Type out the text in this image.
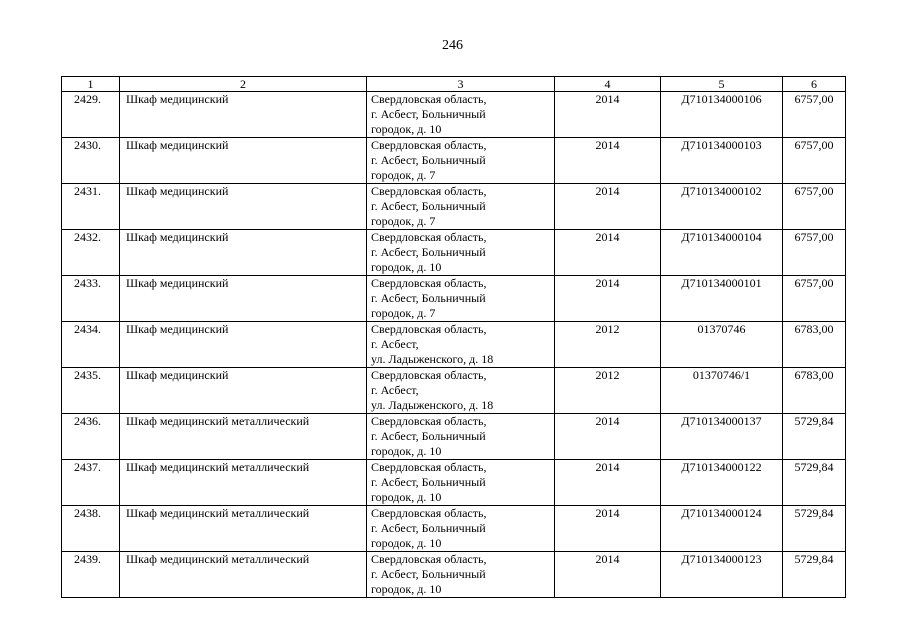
246
1	2	3	4	5	6
2429.	Шкаф медицинский	Свердловская область,
г. Асбест, Больничный
городок, д. 10	2014	Д710134000106	6757,00
2430.	Шкаф медицинский	Свердловская область,
г. Асбест, Больничный
городок, д. 7	2014	Д710134000103	6757,00
2431.	Шкаф медицинский	Свердловская область,
г. Асбест, Больничный
городок, д. 7	2014	Д710134000102	6757,00
2432.	Шкаф медицинский	Свердловская область,
г. Асбест, Больничный
городок, д. 10	2014	Д710134000104	6757,00
2433.	Шкаф медицинский	Свердловская область,
г. Асбест, Больничный
городок, д. 7	2014	Д710134000101	6757,00
2434.	Шкаф медицинский	Свердловская область,
г. Асбест,
ул. Ладыженского, д. 18	2012	01370746	6783,00
2435.	Шкаф медицинский	Свердловская область,
г. Асбест,
ул. Ладыженского, д. 18	2012	01370746/1	6783,00
2436.	Шкаф медицинский металлический	Свердловская область,
г. Асбест, Больничный
городок, д. 10	2014	Д710134000137	5729,84
2437.	Шкаф медицинский металлический	Свердловская область,
г. Асбест, Больничный
городок, д. 10	2014	Д710134000122	5729,84
2438.	Шкаф медицинский металлический	Свердловская область,
г. Асбест, Больничный
городок, д. 10	2014	Д710134000124	5729,84
2439.	Шкаф медицинский металлический	Свердловская область,
г. Асбест, Больничный
городок, д. 10	2014	Д710134000123	5729,84
